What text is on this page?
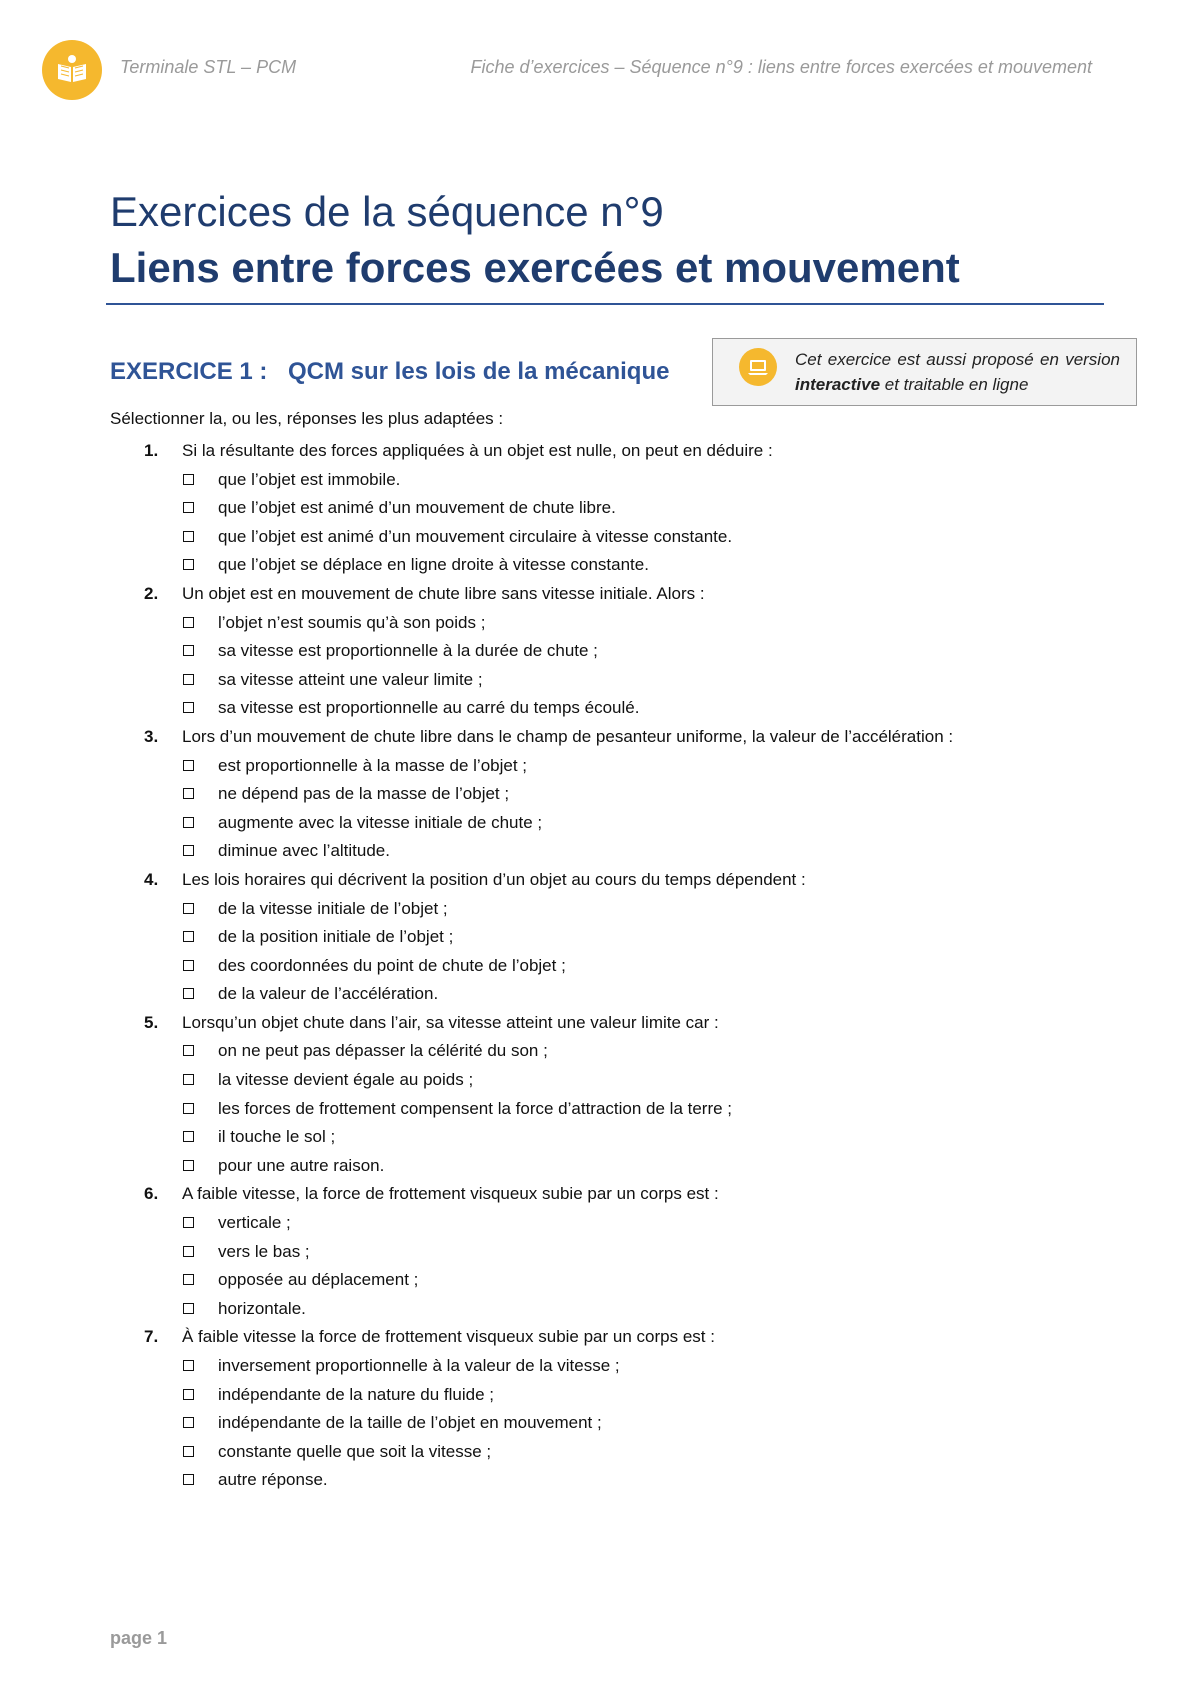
Terminale STL – PCM	Fiche d’exercices – Séquence n°9 : liens entre forces exercées et mouvement
Exercices de la séquence n°9
Liens entre forces exercées et mouvement
EXERCICE 1 : QCM sur les lois de la mécanique	Cet exercice est aussi proposé en version interactive et traitable en ligne
Sélectionner la, ou les, réponses les plus adaptées :
1. Si la résultante des forces appliquées à un objet est nulle, on peut en déduire :
que l’objet est immobile.
que l’objet est animé d’un mouvement de chute libre.
que l’objet est animé d’un mouvement circulaire à vitesse constante.
que l’objet se déplace en ligne droite à vitesse constante.
2. Un objet est en mouvement de chute libre sans vitesse initiale. Alors :
l’objet n’est soumis qu’à son poids ;
sa vitesse est proportionnelle à la durée de chute ;
sa vitesse atteint une valeur limite ;
sa vitesse est proportionnelle au carré du temps écoulé.
3. Lors d’un mouvement de chute libre dans le champ de pesanteur uniforme, la valeur de l’accélération :
est proportionnelle à la masse de l’objet ;
ne dépend pas de la masse de l’objet ;
augmente avec la vitesse initiale de chute ;
diminue avec l’altitude.
4. Les lois horaires qui décrivent la position d’un objet au cours du temps dépendent :
de la vitesse initiale de l’objet ;
de la position initiale de l’objet ;
des coordonnées du point de chute de l’objet ;
de la valeur de l’accélération.
5. Lorsqu’un objet chute dans l’air, sa vitesse atteint une valeur limite car :
on ne peut pas dépasser la célérité du son ;
la vitesse devient égale au poids ;
les forces de frottement compensent la force d’attraction de la terre ;
il touche le sol ;
pour une autre raison.
6. A faible vitesse, la force de frottement visqueux subie par un corps est :
verticale ;
vers le bas ;
opposée au déplacement ;
horizontale.
7. À faible vitesse la force de frottement visqueux subie par un corps est :
inversement proportionnelle à la valeur de la vitesse ;
indépendante de la nature du fluide ;
indépendante de la taille de l’objet en mouvement ;
constante quelle que soit la vitesse ;
autre réponse.
page 1
